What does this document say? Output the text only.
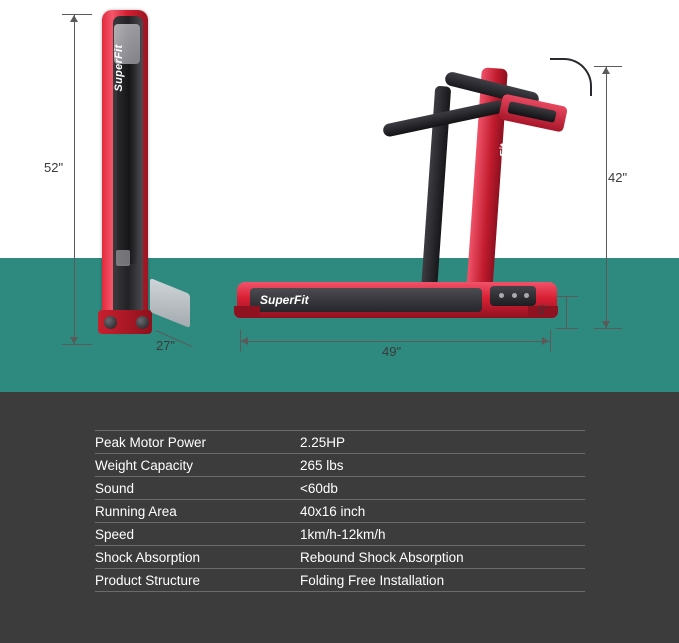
SuperFit
SuperFit
SuperFit
52"
27"	49"
42"
5"
Peak Motor Power	2.25HP
Weight Capacity	265 lbs
Sound	<60db
Running Area	40x16 inch
Speed	1km/h-12km/h
Shock Absorption	Rebound Shock Absorption
Product Structure	Folding Free Installation
